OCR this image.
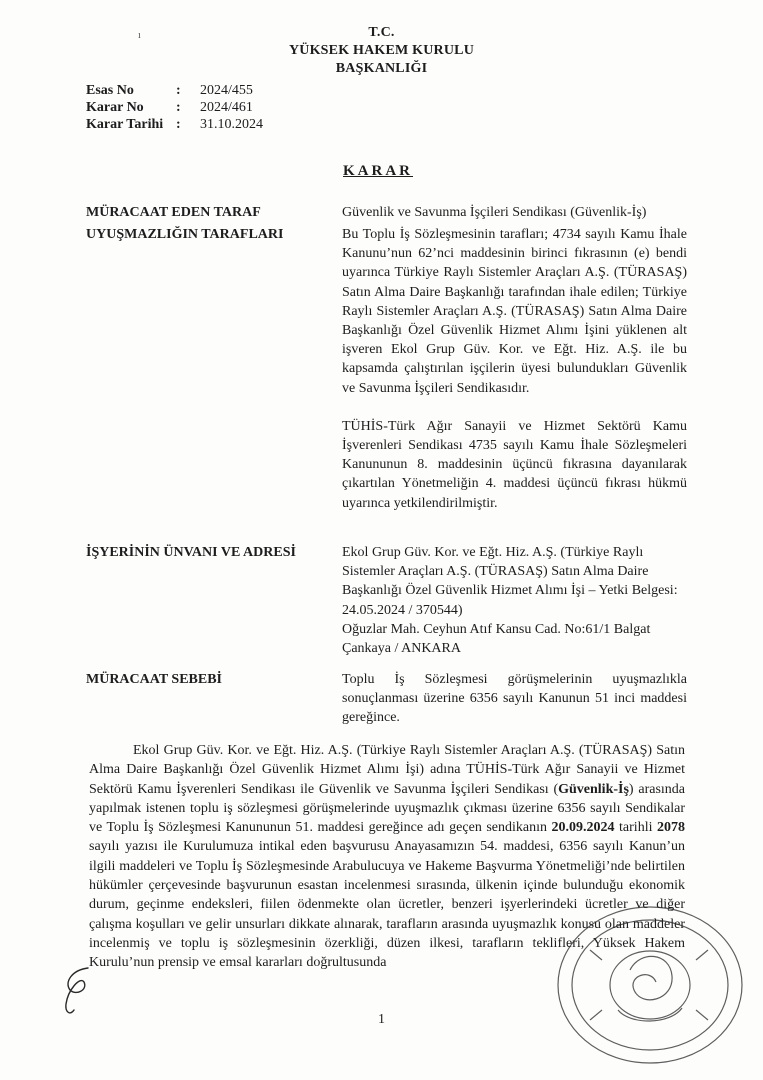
ı	T.C.
YÜKSEK HAKEM KURULU
BAŞKANLIĞI
Esas No	:	2024/455
Karar No	:	2024/461
Karar Tarihi :	31.10.2024
KARAR
MÜRACAAT EDEN TARAF	Güvenlik ve Savunma İşçileri Sendikası (Güvenlik-İş)
UYUŞMAZLIĞIN TARAFLARI	Bu Toplu İş Sözleşmesinin tarafları; 4734 sayılı Kamu İhale Kanunu’nun 62’nci maddesinin birinci fıkrasının (e) bendi uyarınca Türkiye Raylı Sistemler Araçları A.Ş. (TÜRASAŞ) Satın Alma Daire Başkanlığı tarafından ihale edilen; Türkiye Raylı Sistemler Araçları A.Ş. (TÜRASAŞ) Satın Alma Daire Başkanlığı Özel Güvenlik Hizmet Alımı İşini yüklenen alt işveren Ekol Grup Güv. Kor. ve Eğt. Hiz. A.Ş. ile bu kapsamda çalıştırılan işçilerin üyesi bulundukları Güvenlik ve Savunma İşçileri Sendikasıdır.

TÜHİS-Türk Ağır Sanayii ve Hizmet Sektörü Kamu İşverenleri Sendikası 4735 sayılı Kamu İhale Sözleşmeleri Kanununun 8. maddesinin üçüncü fıkrasına dayanılarak çıkartılan Yönetmeliğin 4. maddesi üçüncü fıkrası hükmü uyarınca yetkilendirilmiştir.

İŞYERİNİN ÜNVANI VE ADRESİ	Ekol Grup Güv. Kor. ve Eğt. Hiz. A.Ş. (Türkiye Raylı Sistemler Araçları A.Ş. (TÜRASAŞ) Satın Alma Daire Başkanlığı Özel Güvenlik Hizmet Alımı İşi – Yetki Belgesi: 24.05.2024 / 370544)

Oğuzlar Mah. Ceyhun Atıf Kansu Cad. No:61/1 Balgat Çankaya / ANKARA

MÜRACAAT SEBEBİ	Toplu İş Sözleşmesi görüşmelerinin uyuşmazlıkla sonuçlanması üzerine 6356 sayılı Kanunun 51 inci maddesi gereğince.
Ekol Grup Güv. Kor. ve Eğt. Hiz. A.Ş. (Türkiye Raylı Sistemler Araçları A.Ş. (TÜRASAŞ) Satın Alma Daire Başkanlığı Özel Güvenlik Hizmet Alımı İşi) adına TÜHİS-Türk Ağır Sanayii ve Hizmet Sektörü Kamu İşverenleri Sendikası ile Güvenlik ve Savunma İşçileri Sendikası (Güvenlik-İş) arasında yapılmak istenen toplu iş sözleşmesi görüşmelerinde uyuşmazlık çıkması üzerine 6356 sayılı Sendikalar ve Toplu İş Sözleşmesi Kanununun 51. maddesi gereğince adı geçen sendikanın 20.09.2024 tarihli 2078 sayılı yazısı ile Kurulumuza intikal eden başvurusu Anayasamızın 54. maddesi, 6356 sayılı Kanun’un ilgili maddeleri ve Toplu İş Sözleşmesinde Arabulucuya ve Hakeme Başvurma Yönetmeliği’nde belirtilen hükümler çerçevesinde başvurunun esastan incelenmesi sırasında, ülkenin içinde bulunduğu ekonomik durum, geçinme endeksleri, fiilen ödenmekte olan ücretler, benzeri işyerlerindeki ücretler ve diğer çalışma koşulları ve gelir unsurları dikkate alınarak, tarafların arasında uyuşmazlık konusu olan maddeler incelenmiş ve toplu iş sözleşmesinin özerkliği, düzen ilkesi, tarafların teklifleri, Yüksek Hakem Kurulu’nun prensip ve emsal kararları doğrultusunda
1
